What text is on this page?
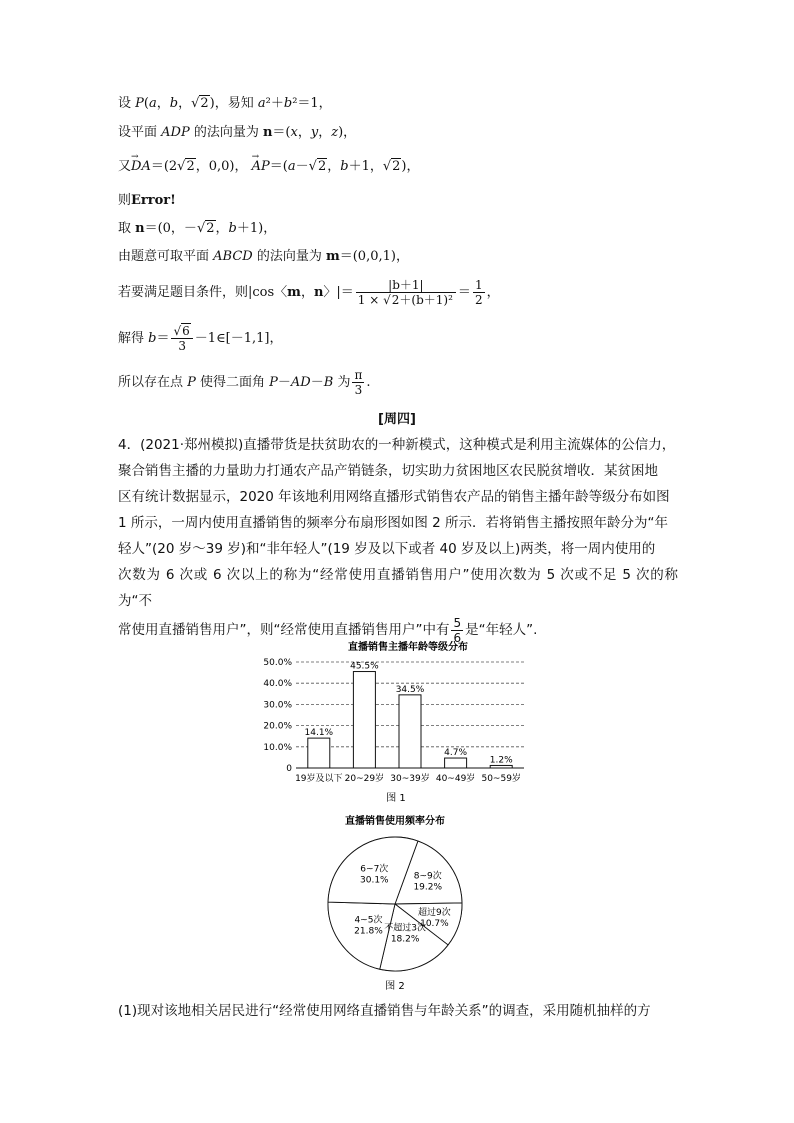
设 P(a，b，√2)，易知 a²＋b²＝1，
设平面 ADP 的法向量为 n＝(x，y，z)，
又→ DA＝(2√2，0,0)， → AP＝(a－√2，b＋1，√2)，
则Error!
取 n＝(0，－√2，b＋1)，
由题意可取平面 ABCD 的法向量为 m＝(0,0,1)，
若要满足题目条件，则|cos〈m，n〉|＝ $\frac{|b+1|}{\text{1 × √2＋(b＋1)²}} = \frac{1}{2}$ ，
解得 $b= \frac{√6}{3}$ －1∈[－1,1]，
所以存在点 P 使得二面角 P－AD－B 为 $\frac{\pi}{3}$ .
[周四]

4．(2021·郑州模拟)直播带货是扶贫助农的一种新模式，这种模式是利用主流媒体的公信力，

聚合销售主播的力量助力打通农产品产销链条，切实助力贫困地区农民脱贫增收．某贫困地

区有统计数据显示，2020 年该地利用网络直播形式销售农产品的销售主播年龄等级分布如图

1 所示，一周内使用直播销售的频率分布扇形图如图 2 所示．若将销售主播按照年龄分为“年

轻人”(20 岁～39 岁)和“非年轻人”(19 岁及以下或者 40 岁及以上)两类，将一周内使用的

次数为 6 次或 6 次以上的称为“经常使用直播销售用户”使用次数为 5 次或不足 5 次的称为“不

常使用直播销售用户”，则“经常使用直播销售用户”中有 $\frac{5}{6}$ 是“年轻人”.

直播销售主播年龄等级分布
0
10.0%
20.0%
30.0%
40.0%
50.0%
14.1%
45.5%
34.5%
4.7%
1.2%
19岁及以下 20~29岁 30~39岁 40~49岁 50~59岁
图 1
直播销售使用频率分布
8~9次
19.2%
超过9次
10.7%
不超过3次
18.2%
4~5次
21.8%
6~7次
30.1%
图 2
(1)现对该地相关居民进行“经常使用网络直播销售与年龄关系”的调查，采用随机抽样的方
